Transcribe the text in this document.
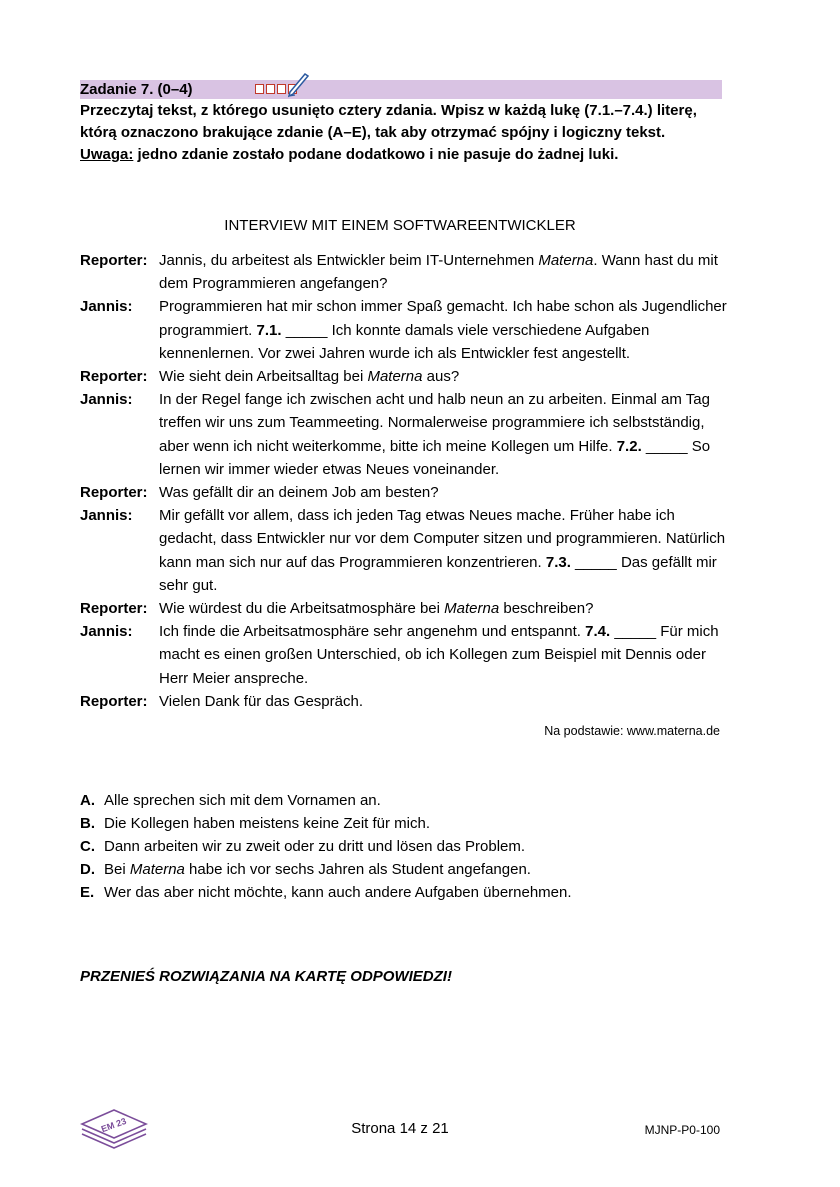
Zadanie 7. (0–4)
Przeczytaj tekst, z którego usunięto cztery zdania. Wpisz w każdą lukę (7.1.–7.4.) literę, którą oznaczono brakujące zdanie (A–E), tak aby otrzymać spójny i logiczny tekst.
Uwaga: jedno zdanie zostało podane dodatkowo i nie pasuje do żadnej luki.
INTERVIEW MIT EINEM SOFTWAREENTWICKLER
Reporter: Jannis, du arbeitest als Entwickler beim IT-Unternehmen Materna. Wann hast du mit dem Programmieren angefangen?
Jannis:	Programmieren hat mir schon immer Spaß gemacht. Ich habe schon als Jugendlicher programmiert. 7.1. _____ Ich konnte damals viele verschiedene Aufgaben kennenlernen. Vor zwei Jahren wurde ich als Entwickler fest angestellt.
Reporter: Wie sieht dein Arbeitsalltag bei Materna aus?
Jannis:	In der Regel fange ich zwischen acht und halb neun an zu arbeiten. Einmal am Tag treffen wir uns zum Teammeeting. Normalerweise programmiere ich selbstständig, aber wenn ich nicht weiterkomme, bitte ich meine Kollegen um Hilfe. 7.2. _____ So lernen wir immer wieder etwas Neues voneinander.
Reporter: Was gefällt dir an deinem Job am besten?
Jannis:	Mir gefällt vor allem, dass ich jeden Tag etwas Neues mache. Früher habe ich gedacht, dass Entwickler nur vor dem Computer sitzen und programmieren. Natürlich kann man sich nur auf das Programmieren konzentrieren. 7.3. _____ Das gefällt mir sehr gut.
Reporter: Wie würdest du die Arbeitsatmosphäre bei Materna beschreiben?
Jannis:	Ich finde die Arbeitsatmosphäre sehr angenehm und entspannt. 7.4. _____ Für mich macht es einen großen Unterschied, ob ich Kollegen zum Beispiel mit Dennis oder Herr Meier anspreche.
Reporter: Vielen Dank für das Gespräch.
Na podstawie: www.materna.de
A. Alle sprechen sich mit dem Vornamen an.
B. Die Kollegen haben meistens keine Zeit für mich.
C. Dann arbeiten wir zu zweit oder zu dritt und lösen das Problem.
D. Bei Materna habe ich vor sechs Jahren als Student angefangen.
E. Wer das aber nicht möchte, kann auch andere Aufgaben übernehmen.
PRZENIEŚ ROZWIĄZANIA NA KARTĘ ODPOWIEDZI!
EM 23	Strona 14 z 21	MJNP-P0-100
